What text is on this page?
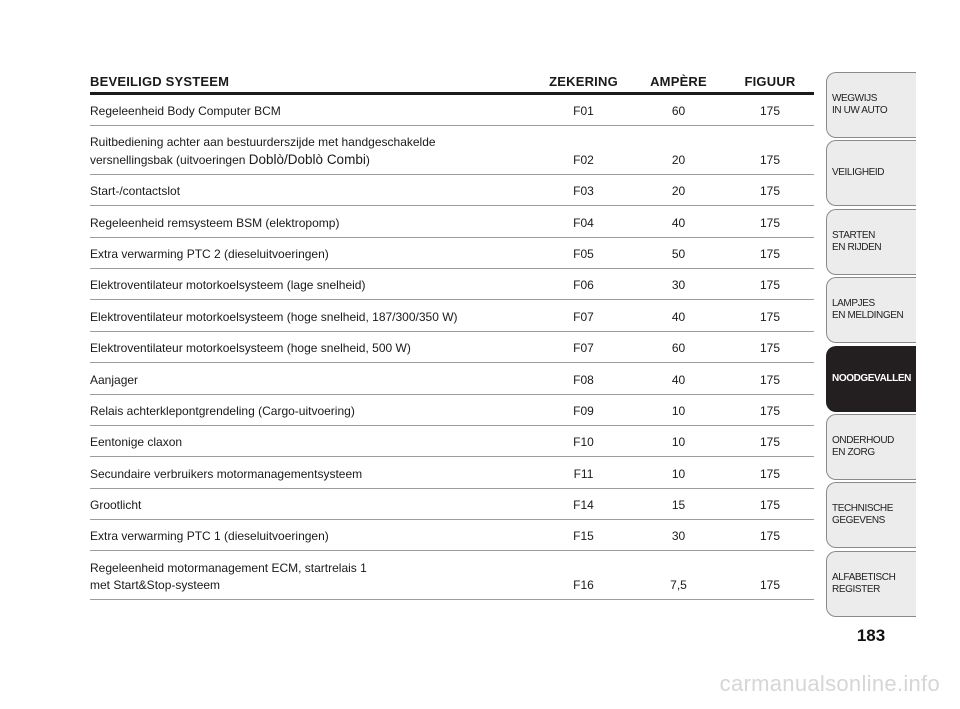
BEVEILIGD SYSTEEM	ZEKERING	AMPÈRE	FIGUUR
Regeleenheid Body Computer BCM	F01	60	175
Ruitbediening achter aan bestuurderszijde met handgeschakelde
versnellingsbak (uitvoeringen Doblò/Doblò Combi)	F02	20	175
Start-/contactslot	F03	20	175
Regeleenheid remsysteem BSM (elektropomp)	F04	40	175
Extra verwarming PTC 2 (dieseluitvoeringen)	F05	50	175
Elektroventilateur motorkoelsysteem (lage snelheid)	F06	30	175
Elektroventilateur motorkoelsysteem (hoge snelheid, 187/300/350 W)	F07	40	175
Elektroventilateur motorkoelsysteem (hoge snelheid, 500 W)	F07	60	175
Aanjager	F08	40	175
Relais achterklepontgrendeling (Cargo-uitvoering)	F09	10	175
Eentonige claxon	F10	10	175
Secundaire verbruikers motormanagementsysteem	F11	10	175
Grootlicht	F14	15	175
Extra verwarming PTC 1 (dieseluitvoeringen)	F15	30	175
Regeleenheid motormanagement ECM, startrelais 1
met Start&Stop-systeem	F16	7,5	175
WEGWIJS
IN UW AUTO
VEILIGHEID
STARTEN
EN RIJDEN
LAMPJES
EN MELDINGEN
NOODGEVALLEN
ONDERHOUD
EN ZORG
TECHNISCHE
GEGEVENS
ALFABETISCH
REGISTER
183
carmanualsonline.info
